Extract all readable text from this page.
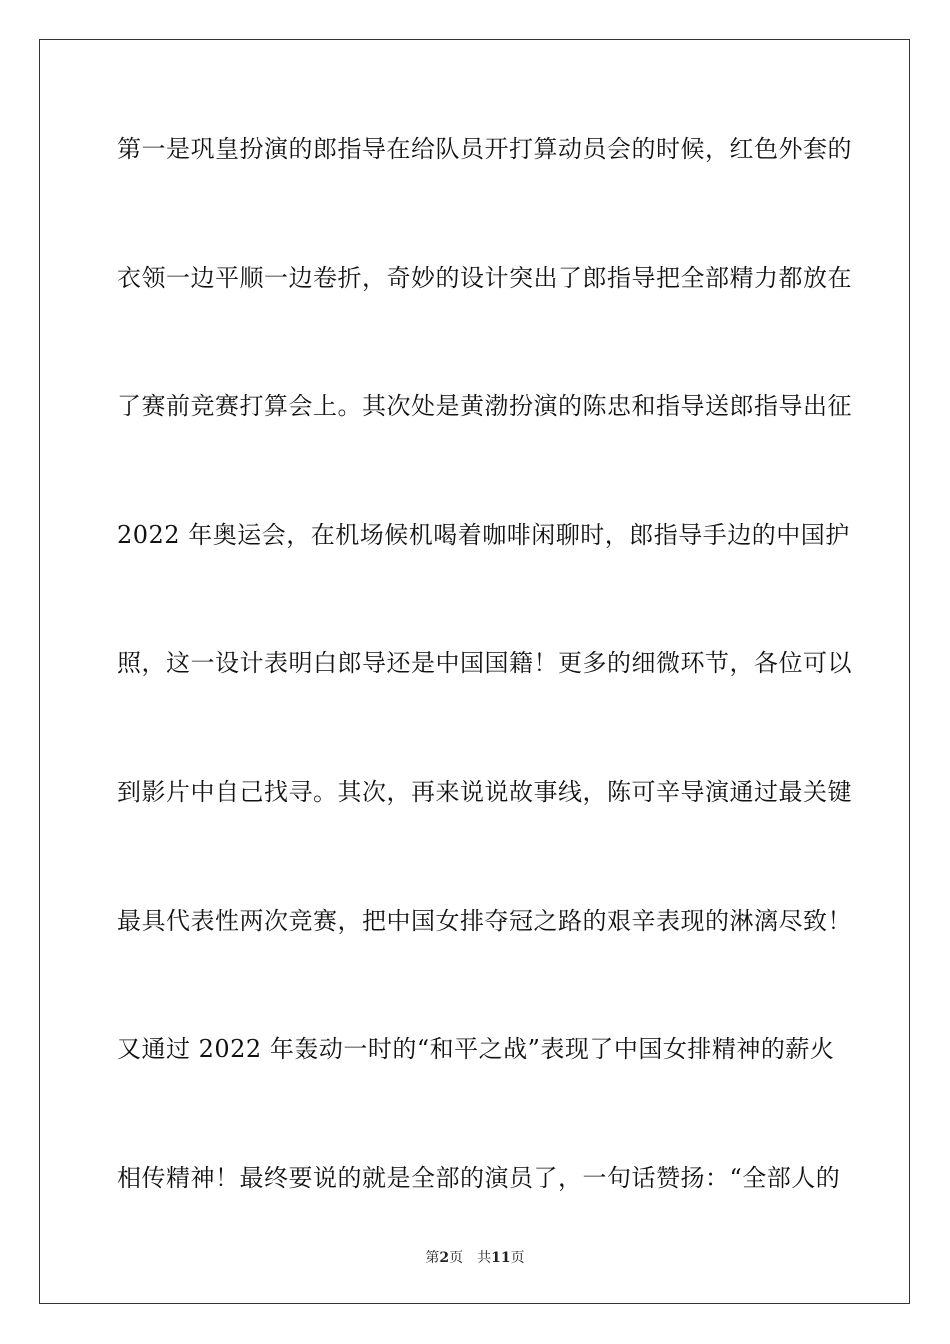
第一是巩皇扮演的郎指导在给队员开打算动员会的时候，红色外套的
衣领一边平顺一边卷折，奇妙的设计突出了郎指导把全部精力都放在
了赛前竞赛打算会上。其次处是黄渤扮演的陈忠和指导送郎指导出征
2022 年奥运会，在机场候机喝着咖啡闲聊时，郎指导手边的中国护
照，这一设计表明白郎导还是中国国籍！更多的细微环节，各位可以
到影片中自己找寻。其次，再来说说故事线，陈可辛导演通过最关键
最具代表性两次竞赛，把中国女排夺冠之路的艰辛表现的淋漓尽致！
又通过 2022 年轰动一时的“和平之战”表现了中国女排精神的薪火
相传精神！最终要说的就是全部的演员了，一句话赞扬：“全部人的
第2页 共11页
